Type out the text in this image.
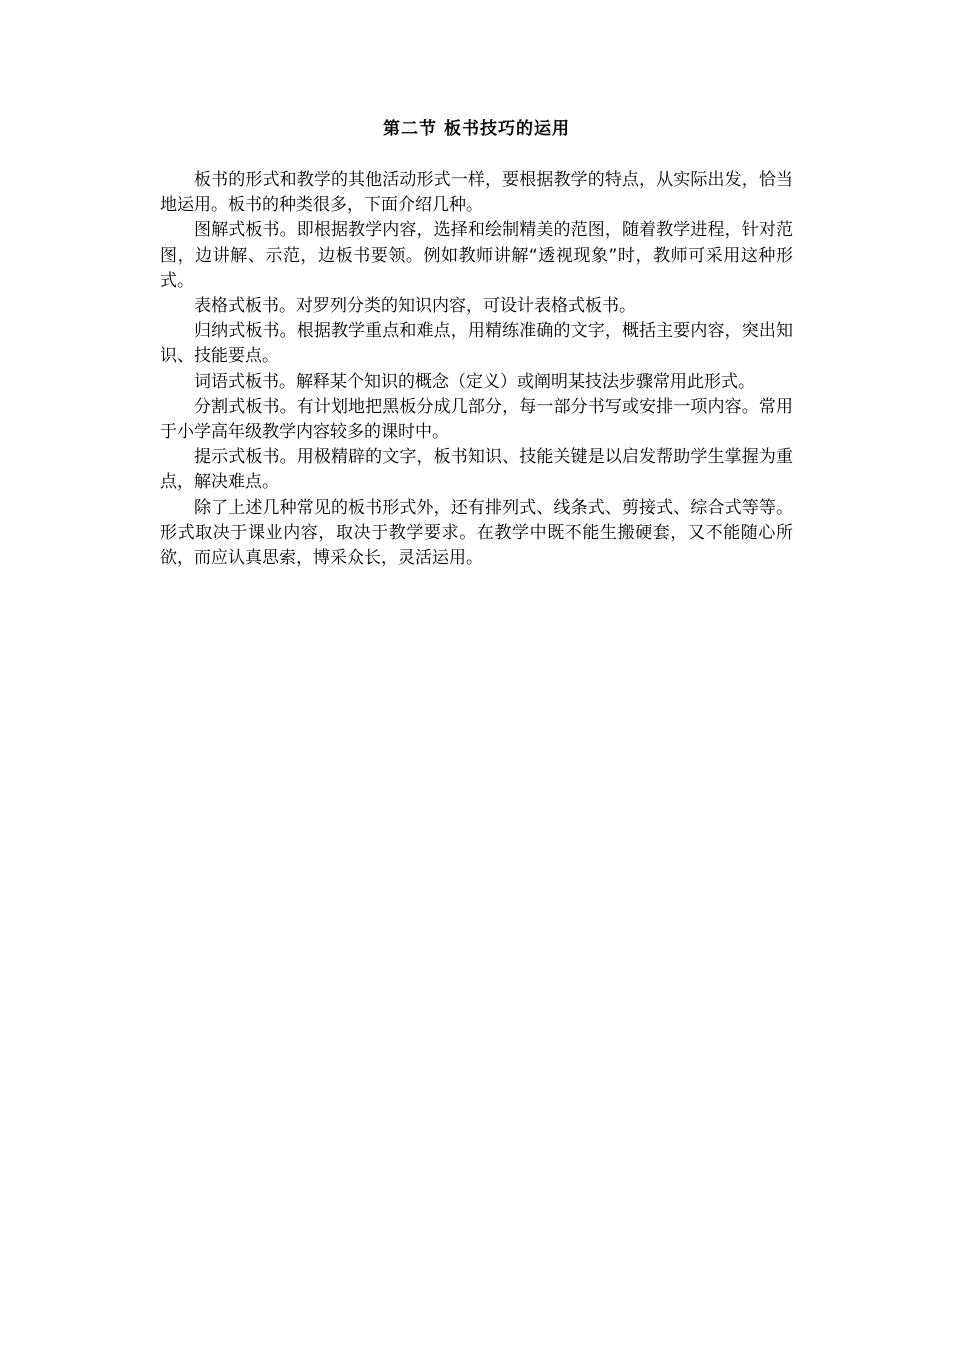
第二节 板书技巧的运用

板书的形式和教学的其他活动形式一样，要根据教学的特点，从实际出发，恰当地运用。板书的种类很多，下面介绍几种。

图解式板书。即根据教学内容，选择和绘制精美的范图，随着教学进程，针对范图，边讲解、示范，边板书要领。例如教师讲解“透视现象”时，教师可采用这种形式。

表格式板书。对罗列分类的知识内容，可设计表格式板书。

归纳式板书。根据教学重点和难点，用精练准确的文字，概括主要内容，突出知识、技能要点。

词语式板书。解释某个知识的概念（定义）或阐明某技法步骤常用此形式。

分割式板书。有计划地把黑板分成几部分，每一部分书写或安排一项内容。常用于小学高年级教学内容较多的课时中。

提示式板书。用极精辟的文字，板书知识、技能关键是以启发帮助学生掌握为重点，解决难点。

除了上述几种常见的板书形式外，还有排列式、线条式、剪接式、综合式等等。形式取决于课业内容，取决于教学要求。在教学中既不能生搬硬套，又不能随心所欲，而应认真思索，博采众长，灵活运用。
